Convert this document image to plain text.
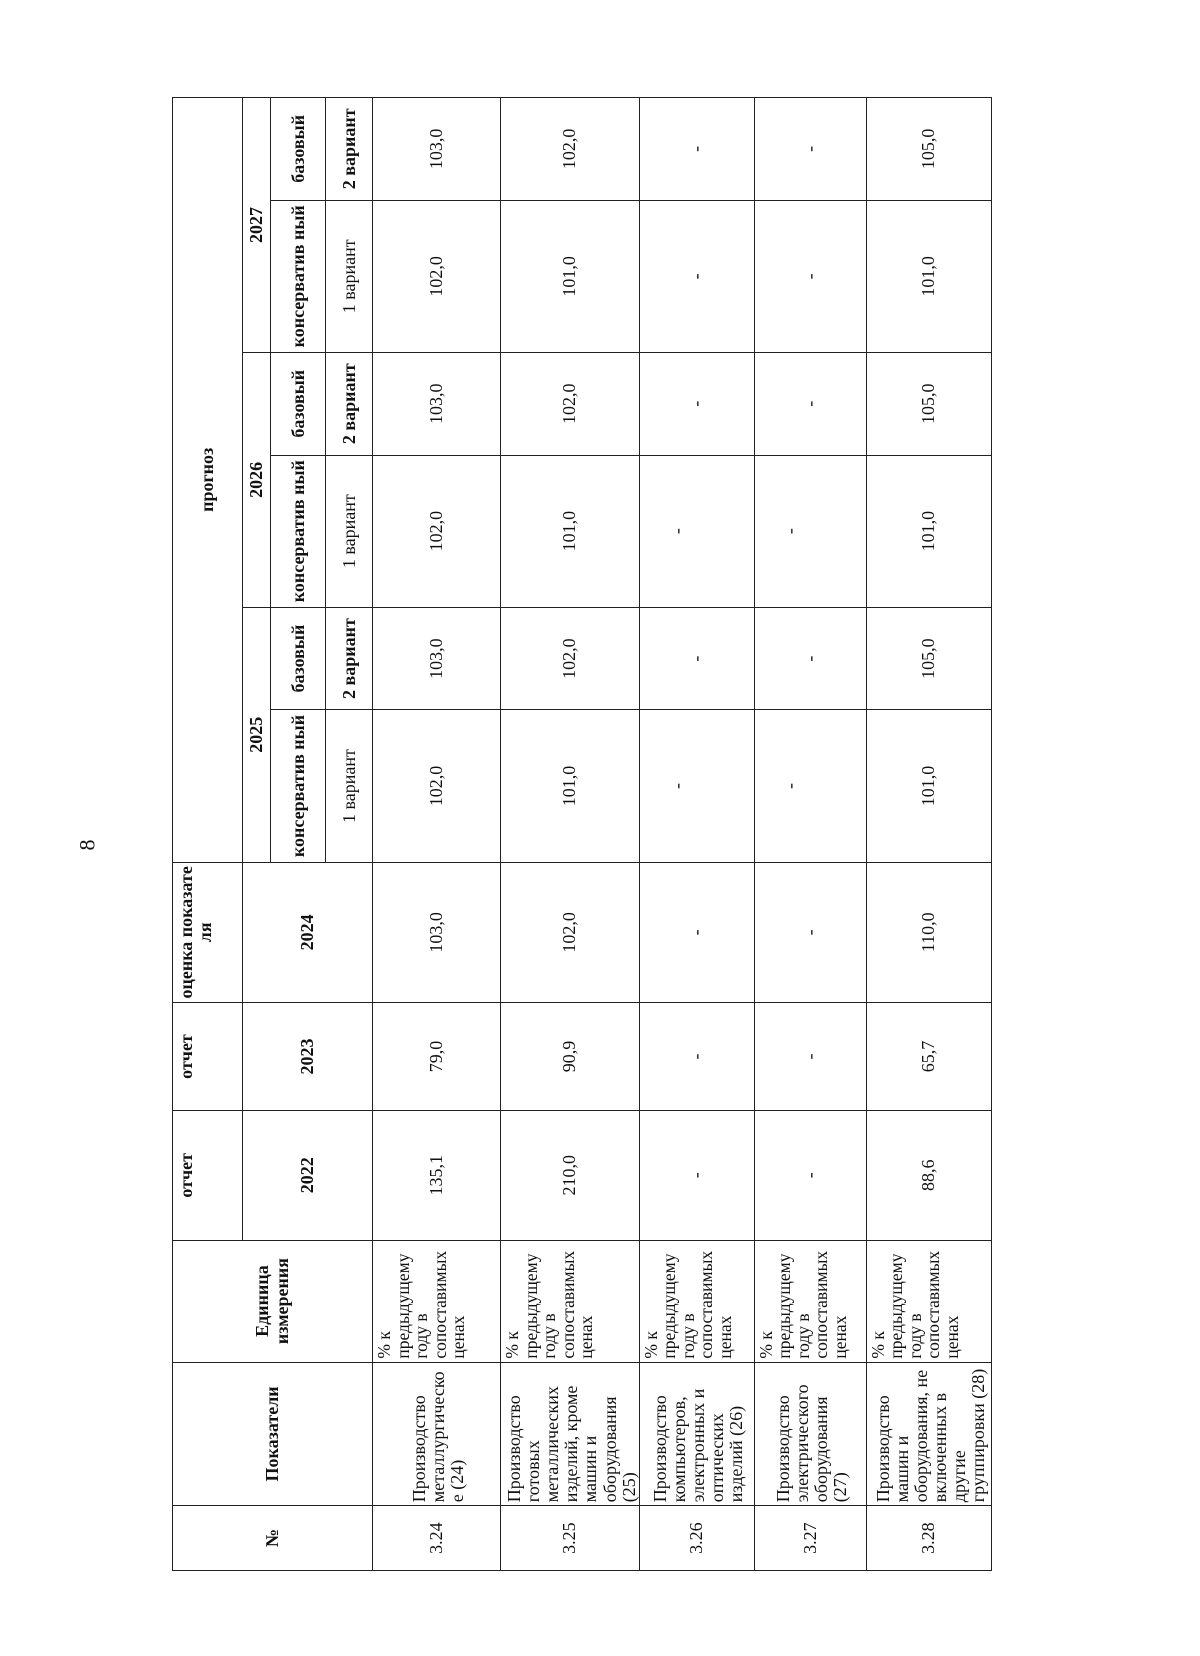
8
№	Показатели	Единица измерения	отчет	отчет	оценка показате ля	прогноз					
			2022	2023	2024	2025		2026		2027	
						консерватив ный	базовый	консерватив ный	базовый	консерватив ный	базовый
						1 вариант	2 вариант	1 вариант	2 вариант	1 вариант	2 вариант
3.24	Производство металлургическое (24)	% к предыдущему году в сопоставимых ценах	135,1	79,0	103,0	102,0	103,0	102,0	103,0	102,0	103,0
3.25	Производство готовых металлических изделий, кроме машин и оборудования (25)	% к предыдущему году в сопоставимых ценах	210,0	90,9	102,0	101,0	102,0	101,0	102,0	101,0	102,0
3.26	Производство компьютеров, электронных и оптических изделий (26)	% к предыдущему году в сопоставимых ценах	-	-	-	-	-	-	-	-	-
3.27	Производство электрического оборудования (27)	% к предыдущему году в сопоставимых ценах	-	-	-	-	-	-	-	-	-
3.28	Производство машин и оборудования, не включенных в другие группировки (28)	% к предыдущему году в сопоставимых ценах	88,6	65,7	110,0	101,0	105,0	101,0	105,0	101,0	105,0
